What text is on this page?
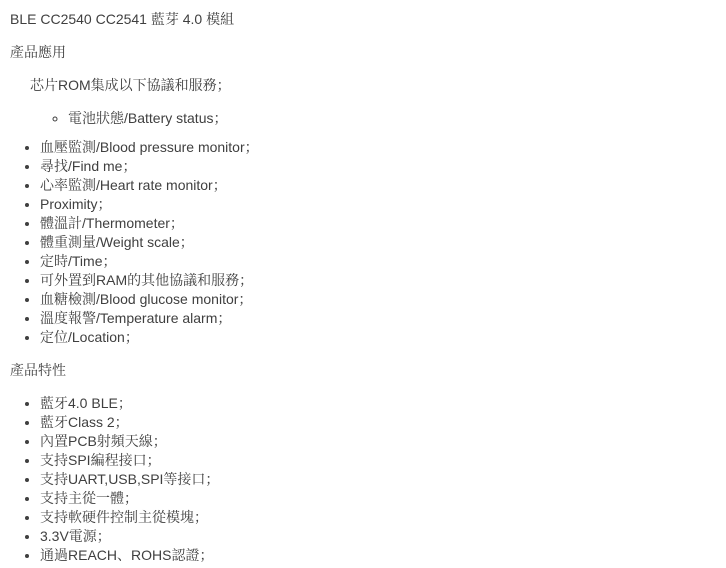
BLE CC2540 CC2541 藍芽 4.0 模組

產品應用

芯片ROM集成以下協議和服務；

◦ 電池狀態/Battery status；
• 血壓監測/Blood pressure monitor；
• 尋找/Find me；
• 心率監測/Heart rate monitor；
• Proximity；
• 體溫計/Thermometer；
• 體重測量/Weight scale；
• 定時/Time；
• 可外置到RAM的其他協議和服務；
• 血糖檢測/Blood glucose monitor；
• 溫度報警/Temperature alarm；
• 定位/Location；

產品特性

• 藍牙4.0 BLE；
• 藍牙Class 2；
• 內置PCB射頻天線；
• 支持SPI編程接口；
• 支持UART,USB,SPI等接口；
• 支持主從一體；
• 支持軟硬件控制主從模塊；
• 3.3V電源；
• 通過REACH、ROHS認證；
